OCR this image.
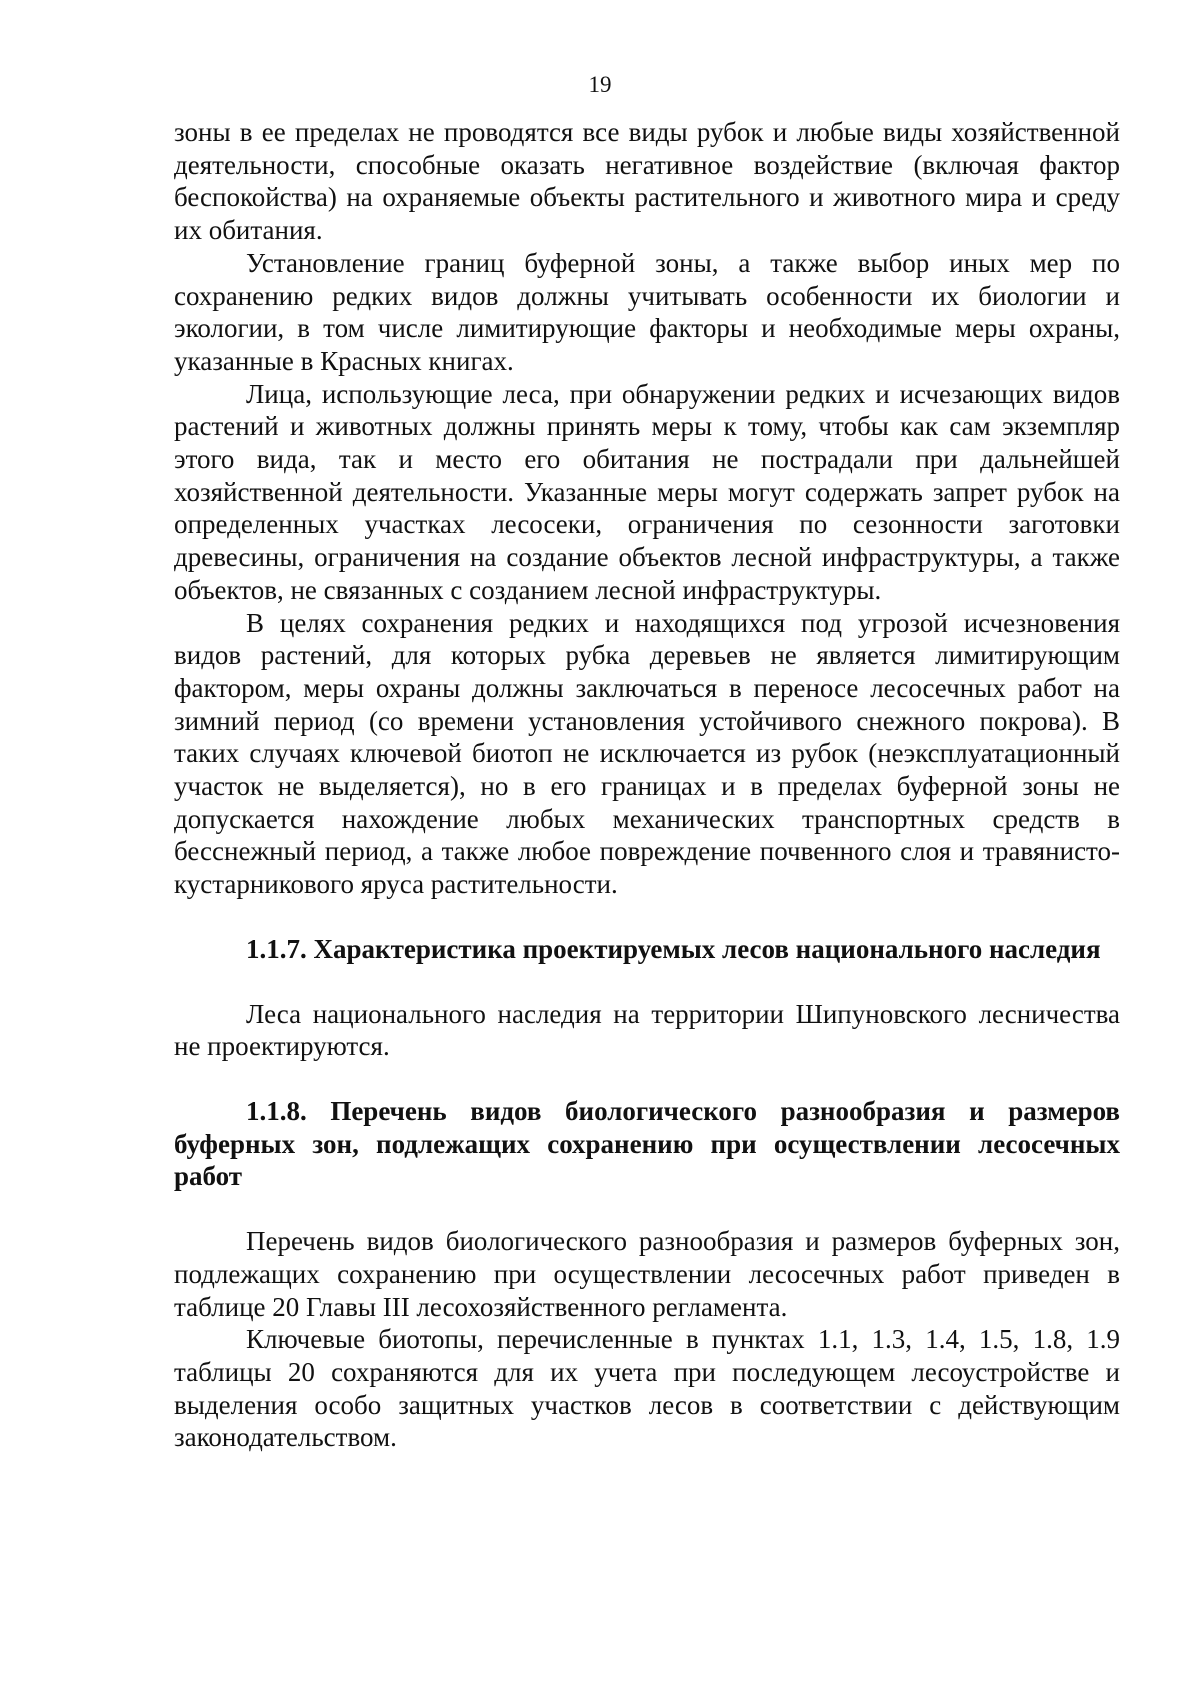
19

зоны в ее пределах не проводятся все виды рубок и любые виды хозяйственной деятельности, способные оказать негативное воздействие (включая фактор беспокойства) на охраняемые объекты растительного и животного мира и среду их обитания.

Установление границ буферной зоны, а также выбор иных мер по сохранению редких видов должны учитывать особенности их биологии и экологии, в том числе лимитирующие факторы и необходимые меры охраны, указанные в Красных книгах.

Лица, использующие леса, при обнаружении редких и исчезающих видов растений и животных должны принять меры к тому, чтобы как сам экземпляр этого вида, так и место его обитания не пострадали при дальнейшей хозяйственной деятельности. Указанные меры могут содержать запрет рубок на определенных участках лесосеки, ограничения по сезонности заготовки древесины, ограничения на создание объектов лесной инфраструктуры, а также объектов, не связанных с созданием лесной инфраструктуры.

В целях сохранения редких и находящихся под угрозой исчезновения видов растений, для которых рубка деревьев не является лимитирующим фактором, меры охраны должны заключаться в переносе лесосечных работ на зимний период (со времени установления устойчивого снежного покрова). В таких случаях ключевой биотоп не исключается из рубок (неэксплуатационный участок не выделяется), но в его границах и в пределах буферной зоны не допускается нахождение любых механических транспортных средств в бесснежный период, а также любое повреждение почвенного слоя и травянисто-кустарникового яруса растительности.

1.1.7. Характеристика проектируемых лесов национального наследия

Леса национального наследия на территории Шипуновского лесничества не проектируются.

1.1.8. Перечень видов биологического разнообразия и размеров буферных зон, подлежащих сохранению при осуществлении лесосечных работ

Перечень видов биологического разнообразия и размеров буферных зон, подлежащих сохранению при осуществлении лесосечных работ приведен в таблице 20 Главы III лесохозяйственного регламента.

Ключевые биотопы, перечисленные в пунктах 1.1, 1.3, 1.4, 1.5, 1.8, 1.9 таблицы 20 сохраняются для их учета при последующем лесоустройстве и выделения особо защитных участков лесов в соответствии с действующим законодательством.
